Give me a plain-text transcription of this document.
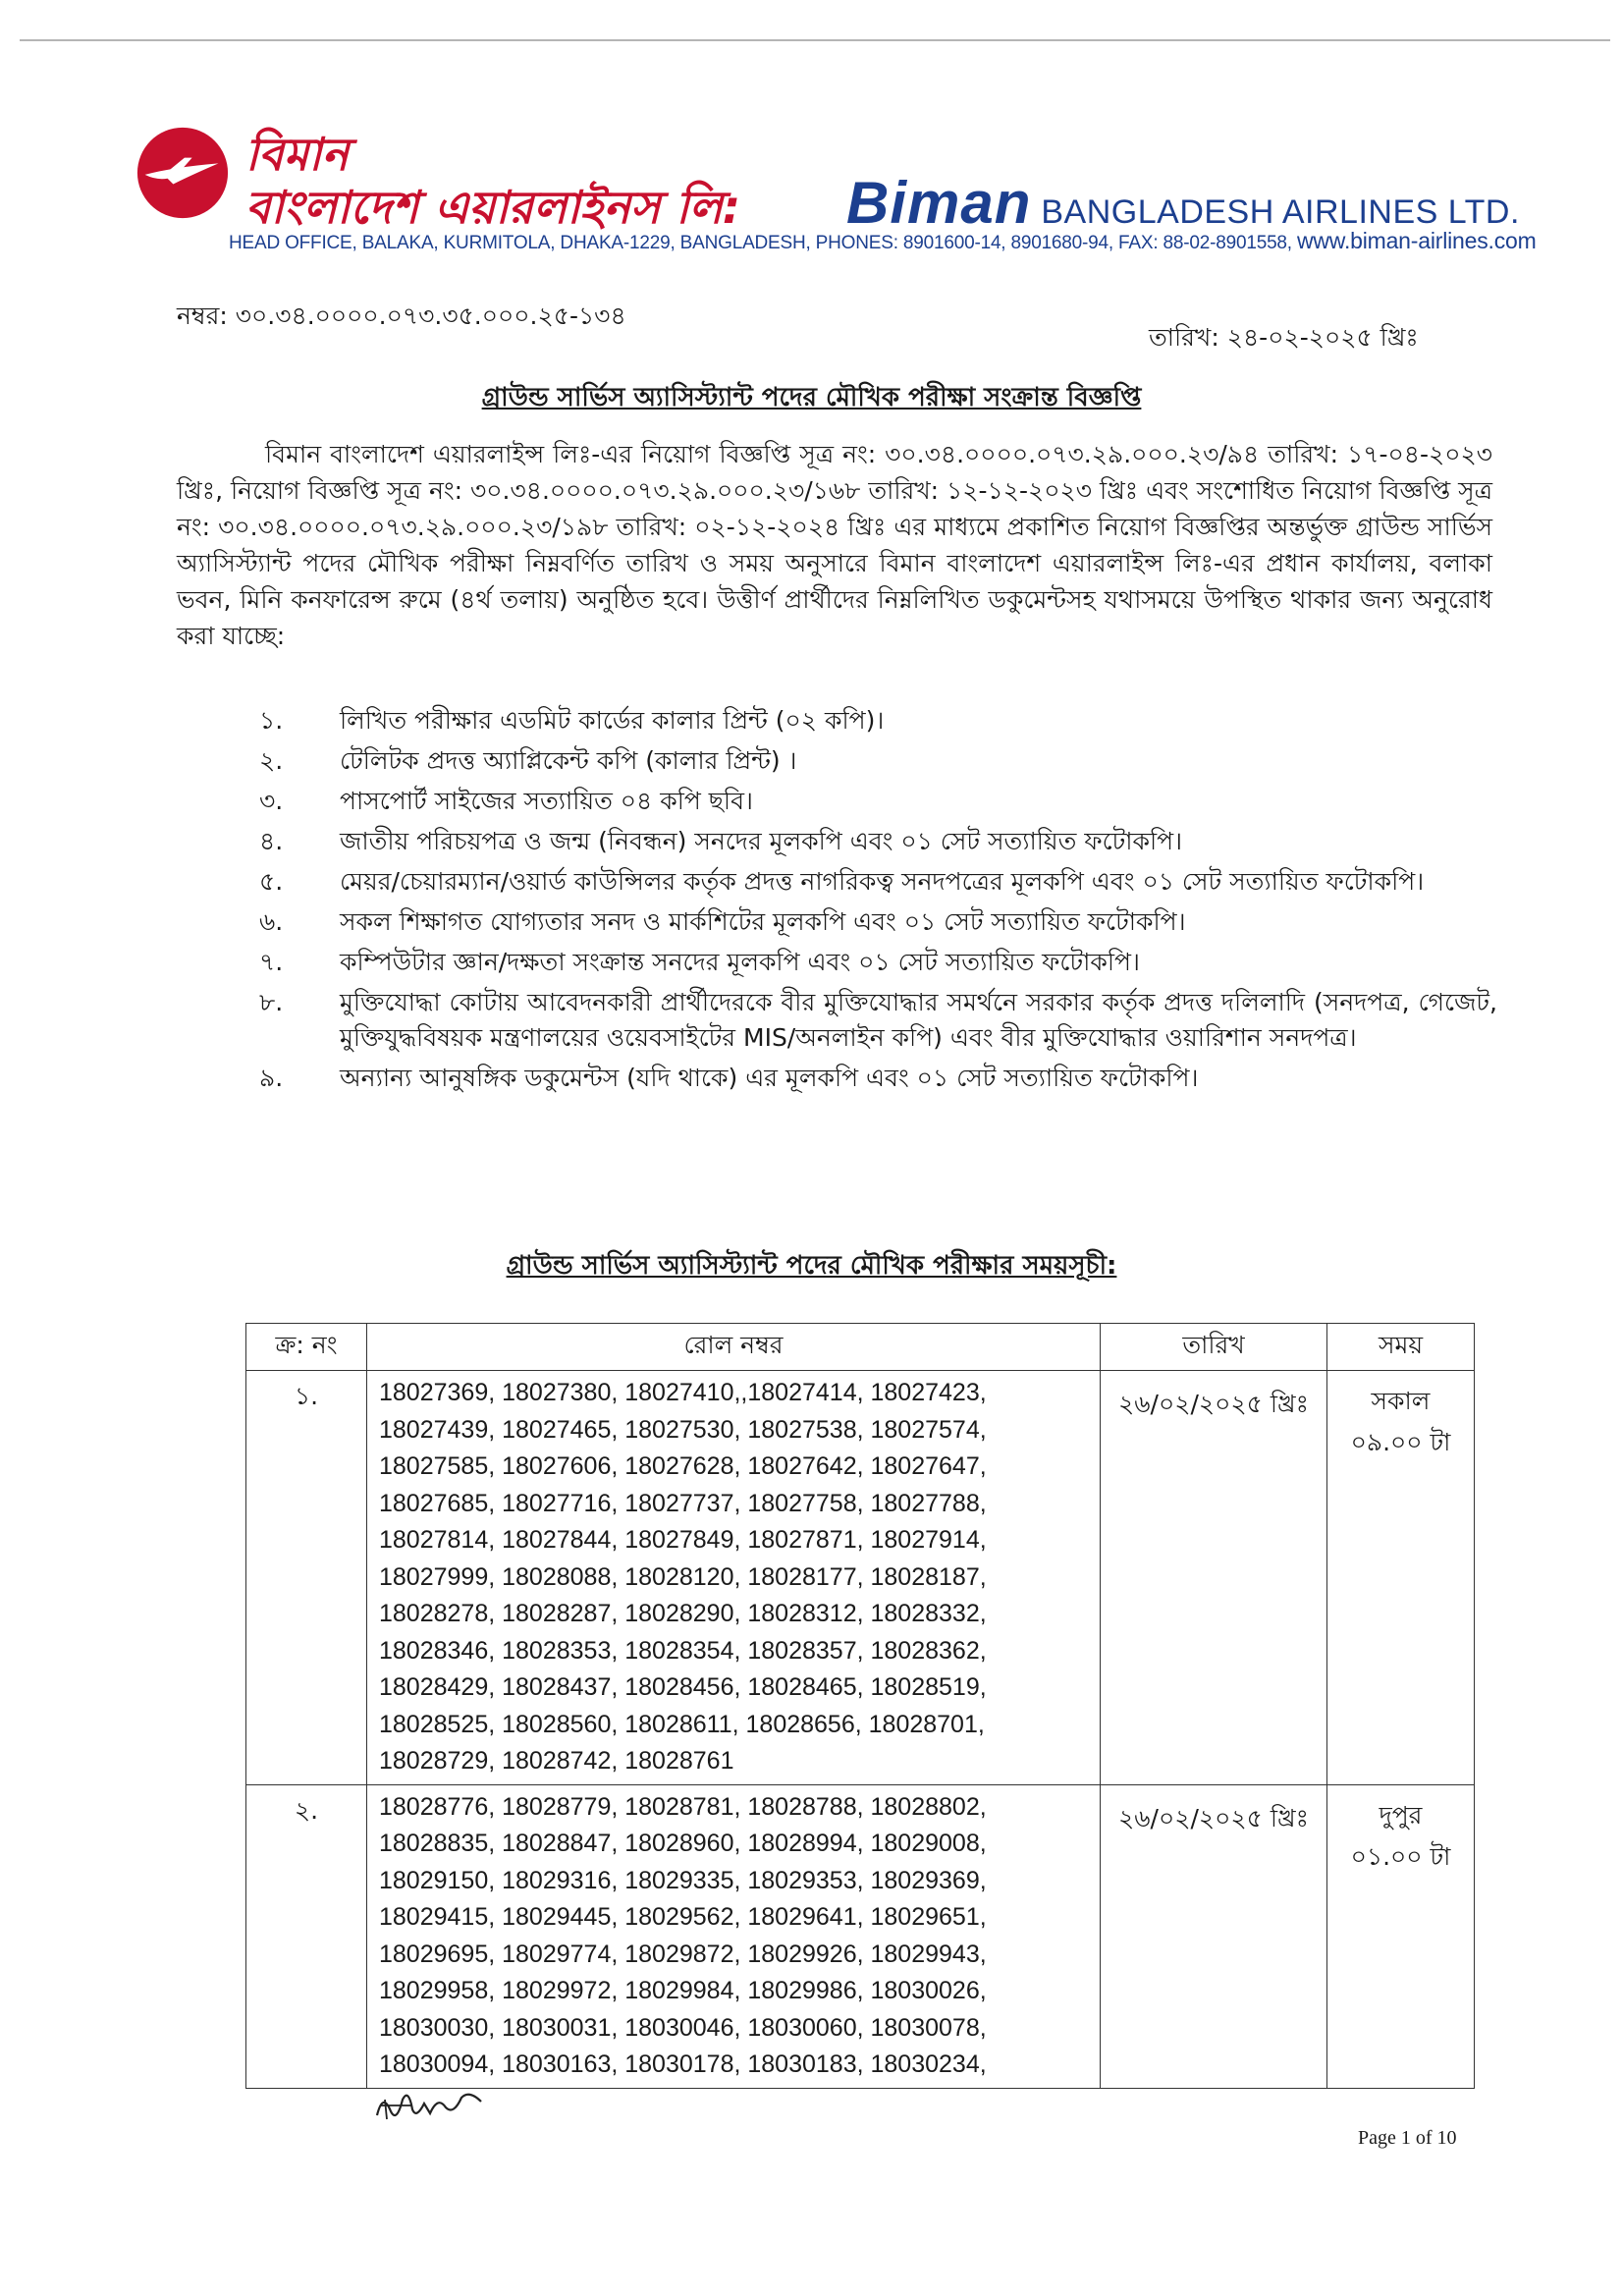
বিমান
বাংলাদেশ এয়ারলাইনস লি: Biman BANGLADESH AIRLINES LTD.
HEAD OFFICE, BALAKA, KURMITOLA, DHAKA-1229, BANGLADESH, PHONES: 8901600-14, 8901680-94, FAX: 88-02-8901558, www.biman-airlines.com
নম্বর: ৩০.৩৪.০০০০.০৭৩.৩৫.০০০.২৫-১৩৪
তারিখ: ২৪-০২-২০২৫ খ্রিঃ
গ্রাউন্ড সার্ভিস অ্যাসিস্ট্যান্ট পদের মৌখিক পরীক্ষা সংক্রান্ত বিজ্ঞপ্তি
বিমান বাংলাদেশ এয়ারলাইন্স লিঃ-এর নিয়োগ বিজ্ঞপ্তি সূত্র নং: ৩০.৩৪.০০০০.০৭৩.২৯.০০০.২৩/৯৪ তারিখ: ১৭-০৪-২০২৩ খ্রিঃ, নিয়োগ বিজ্ঞপ্তি সূত্র নং: ৩০.৩৪.০০০০.০৭৩.২৯.০০০.২৩/১৬৮ তারিখ: ১২-১২-২০২৩ খ্রিঃ এবং সংশোধিত নিয়োগ বিজ্ঞপ্তি সূত্র নং: ৩০.৩৪.০০০০.০৭৩.২৯.০০০.২৩/১৯৮ তারিখ: ০২-১২-২০২৪ খ্রিঃ এর মাধ্যমে প্রকাশিত নিয়োগ বিজ্ঞপ্তির অন্তর্ভুক্ত গ্রাউন্ড সার্ভিস অ্যাসিস্ট্যান্ট পদের মৌখিক পরীক্ষা নিম্নবর্ণিত তারিখ ও সময় অনুসারে বিমান বাংলাদেশ এয়ারলাইন্স লিঃ-এর প্রধান কার্যালয়, বলাকা ভবন, মিনি কনফারেন্স রুমে (৪র্থ তলায়) অনুষ্ঠিত হবে। উত্তীর্ণ প্রার্থীদের নিম্নলিখিত ডকুমেন্টসহ যথাসময়ে উপস্থিত থাকার জন্য অনুরোধ করা যাচ্ছে:
১.	লিখিত পরীক্ষার এডমিট কার্ডের কালার প্রিন্ট (০২ কপি)।
২.	টেলিটক প্রদত্ত অ্যাপ্লিকেন্ট কপি (কালার প্রিন্ট) ।
৩.	পাসপোর্ট সাইজের সত্যায়িত ০৪ কপি ছবি।
৪.	জাতীয় পরিচয়পত্র ও জন্ম (নিবন্ধন) সনদের মূলকপি এবং ০১ সেট সত্যায়িত ফটোকপি।
৫.	মেয়র/চেয়ারম্যান/ওয়ার্ড কাউন্সিলর কর্তৃক প্রদত্ত নাগরিকত্ব সনদপত্রের মূলকপি এবং ০১ সেট সত্যায়িত ফটোকপি।
৬.	সকল শিক্ষাগত যোগ্যতার সনদ ও মার্কশিটের মূলকপি এবং ০১ সেট সত্যায়িত ফটোকপি।
৭.	কম্পিউটার জ্ঞান/দক্ষতা সংক্রান্ত সনদের মূলকপি এবং ০১ সেট সত্যায়িত ফটোকপি।
৮.	মুক্তিযোদ্ধা কোটায় আবেদনকারী প্রার্থীদেরকে বীর মুক্তিযোদ্ধার সমর্থনে সরকার কর্তৃক প্রদত্ত দলিলাদি (সনদপত্র, গেজেট, মুক্তিযুদ্ধবিষয়ক মন্ত্রণালয়ের ওয়েবসাইটের MIS/অনলাইন কপি) এবং বীর মুক্তিযোদ্ধার ওয়ারিশান সনদপত্র।
৯.	অন্যান্য আনুষঙ্গিক ডকুমেন্টস (যদি থাকে) এর মূলকপি এবং ০১ সেট সত্যায়িত ফটোকপি।
গ্রাউন্ড সার্ভিস অ্যাসিস্ট্যান্ট পদের মৌখিক পরীক্ষার সময়সূচী:
ক্র: নং	রোল নম্বর	তারিখ	সময়
১.	18027369, 18027380, 18027410,,18027414, 18027423, 18027439, 18027465, 18027530, 18027538, 18027574, 18027585, 18027606, 18027628, 18027642, 18027647, 18027685, 18027716, 18027737, 18027758, 18027788, 18027814, 18027844, 18027849, 18027871, 18027914, 18027999, 18028088, 18028120, 18028177, 18028187, 18028278, 18028287, 18028290, 18028312, 18028332, 18028346, 18028353, 18028354, 18028357, 18028362, 18028429, 18028437, 18028456, 18028465, 18028519, 18028525, 18028560, 18028611, 18028656, 18028701, 18028729, 18028742, 18028761	২৬/০২/২০২৫ খ্রিঃ	সকাল
০৯.০০ টা

২.	18028776, 18028779, 18028781, 18028788, 18028802, 18028835, 18028847, 18028960, 18028994, 18029008, 18029150, 18029316, 18029335, 18029353, 18029369, 18029415, 18029445, 18029562, 18029641, 18029651, 18029695, 18029774, 18029872, 18029926, 18029943, 18029958, 18029972, 18029984, 18029986, 18030026, 18030030, 18030031, 18030046, 18030060, 18030078, 18030094, 18030163, 18030178, 18030183, 18030234,	২৬/০২/২০২৫ খ্রিঃ	দুপুর
০১.০০ টা
Page 1 of 10
